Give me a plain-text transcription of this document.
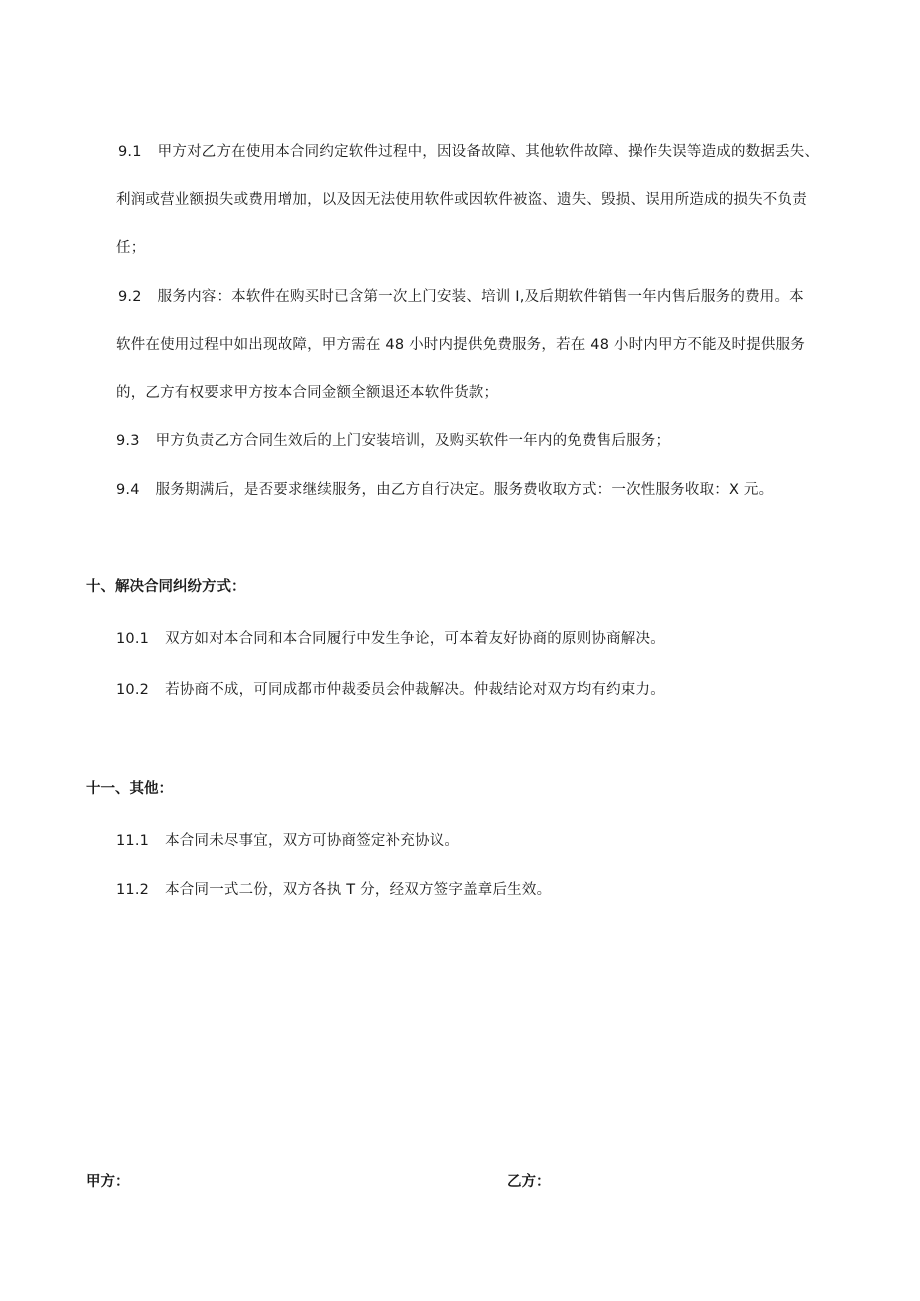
9.1 甲方对乙方在使用本合同约定软件过程中，因设备故障、其他软件故障、操作失误等造成的数据丢失、
利润或营业额损失或费用增加，以及因无法使用软件或因软件被盗、遗失、毁损、误用所造成的损失不负责
任；
9.2 服务内容：本软件在购买时已含第一次上门安装、培训 I,及后期软件销售一年内售后服务的费用。本
软件在使用过程中如出现故障，甲方需在 48 小时内提供免费服务，若在 48 小时内甲方不能及时提供服务
的，乙方有权要求甲方按本合同金额全额退还本软件货款；
9.3 甲方负责乙方合同生效后的上门安装培训，及购买软件一年内的免费售后服务；
9.4 服务期满后，是否要求继续服务，由乙方自行决定。服务费收取方式：一次性服务收取：X 元。
十、解决合同纠纷方式：
10.1 双方如对本合同和本合同履行中发生争论，可本着友好协商的原则协商解决。
10.2 若协商不成，可同成都市仲裁委员会仲裁解决。仲裁结论对双方均有约束力。
十一、其他：
11.1 本合同未尽事宜，双方可协商签定补充协议。
11.2 本合同一式二份，双方各执 T 分，经双方签字盖章后生效。
甲方：	乙方：
